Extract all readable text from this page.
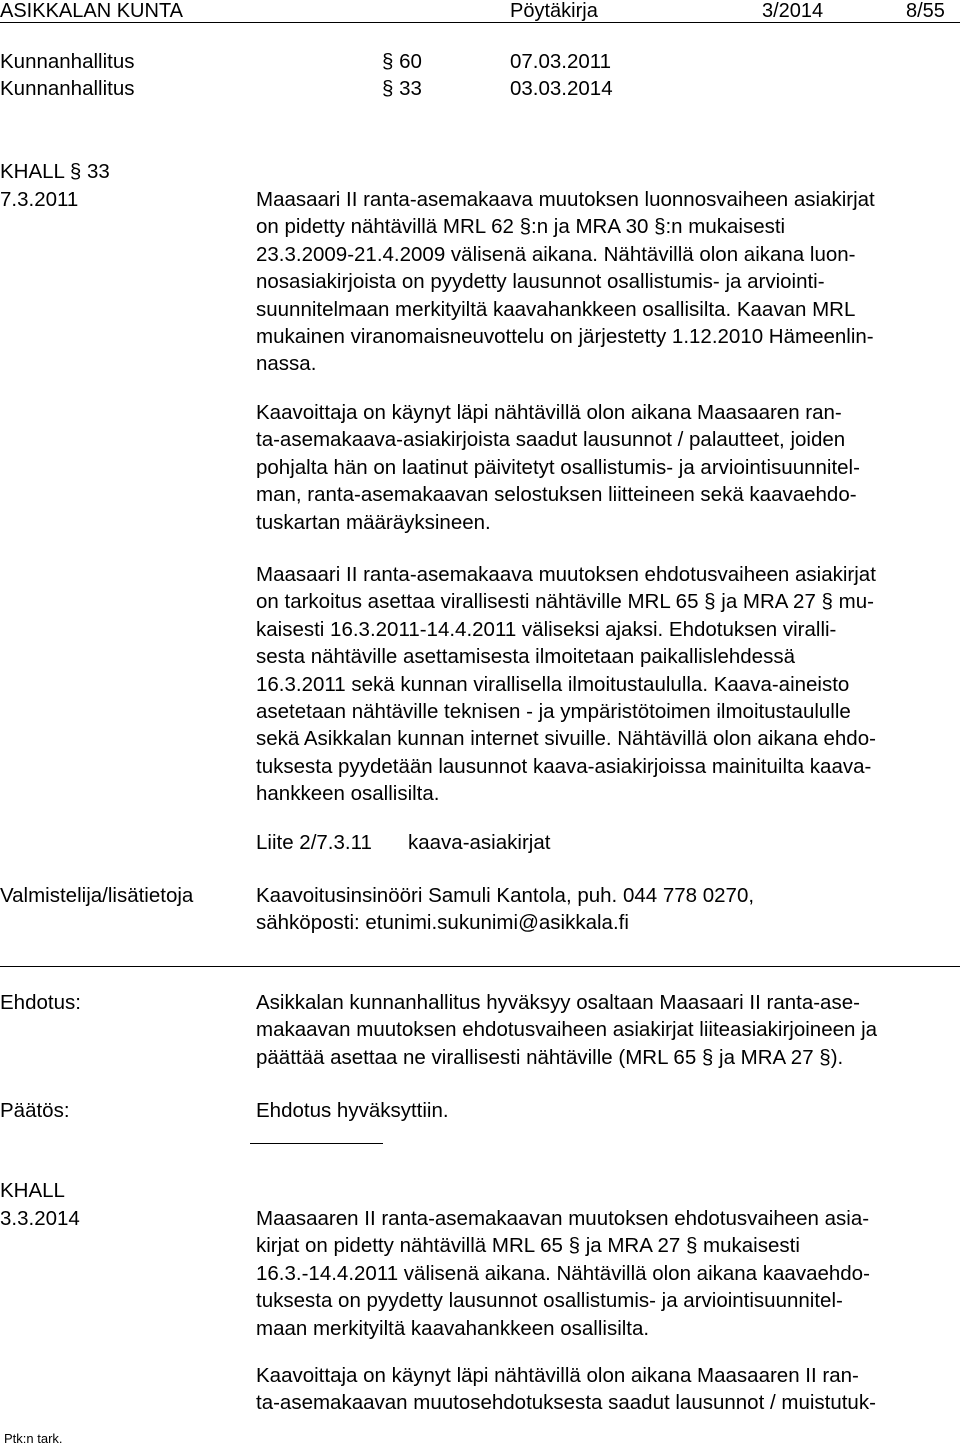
ASIKKALAN KUNTA	Pöytäkirja	3/2014	8/55
Kunnanhallitus	§ 60	07.03.2011
Kunnanhallitus	§ 33	03.03.2014
KHALL § 33
7.3.2011	Maasaari II ranta-asemakaava muutoksen luonnosvaiheen asiakirjat
on pidetty nähtävillä MRL 62 §:n ja MRA 30 §:n mukaisesti
23.3.2009-21.4.2009 välisenä aikana. Nähtävillä olon aikana luon-
nosasiakirjoista on pyydetty lausunnot osallistumis- ja arviointi-
suunnitelmaan merkityiltä kaavahankkeen osallisilta. Kaavan MRL
mukainen viranomaisneuvottelu on järjestetty 1.12.2010 Hämeenlin-
nassa.
Kaavoittaja on käynyt läpi nähtävillä olon aikana Maasaaren ran-
ta-asemakaava-asiakirjoista saadut lausunnot / palautteet, joiden
pohjalta hän on laatinut päivitetyt osallistumis- ja arviointisuunnitel-
man, ranta-asemakaavan selostuksen liitteineen sekä kaavaehdo-
tuskartan määräyksineen.
Maasaari II ranta-asemakaava muutoksen ehdotusvaiheen asiakirjat
on tarkoitus asettaa virallisesti nähtäville MRL 65 § ja MRA 27 § mu-
kaisesti 16.3.2011-14.4.2011 väliseksi ajaksi. Ehdotuksen viralli-
sesta nähtäville asettamisesta ilmoitetaan paikallislehdessä
16.3.2011 sekä kunnan virallisella ilmoitustaululla. Kaava-aineisto
asetetaan nähtäville teknisen - ja ympäristötoimen ilmoitustaululle
sekä Asikkalan kunnan internet sivuille. Nähtävillä olon aikana ehdo-
tuksesta pyydetään lausunnot kaava-asiakirjoissa mainituilta kaava-
hankkeen osallisilta.
Liite 2/7.3.11 kaava-asiakirjat
Valmistelija/lisätietoja	Kaavoitusinsinööri Samuli Kantola, puh. 044 778 0270,
sähköposti: etunimi.sukunimi@asikkala.fi
Ehdotus:	Asikkalan kunnanhallitus hyväksyy osaltaan Maasaari II ranta-ase-
makaavan muutoksen ehdotusvaiheen asiakirjat liiteasiakirjoineen ja
päättää asettaa ne virallisesti nähtäville (MRL 65 § ja MRA 27 §).
Päätös:	Ehdotus hyväksyttiin.
KHALL
3.3.2014	Maasaaren II ranta-asemakaavan muutoksen ehdotusvaiheen asia-
kirjat on pidetty nähtävillä MRL 65 § ja MRA 27 § mukaisesti
16.3.-14.4.2011 välisenä aikana. Nähtävillä olon aikana kaavaehdo-
tuksesta on pyydetty lausunnot osallistumis- ja arviointisuunnitel-
maan merkityiltä kaavahankkeen osallisilta.
Kaavoittaja on käynyt läpi nähtävillä olon aikana Maasaaren II ran-
ta-asemakaavan muutosehdotuksesta saadut lausunnot / muistutuk-
Ptk:n tark.
